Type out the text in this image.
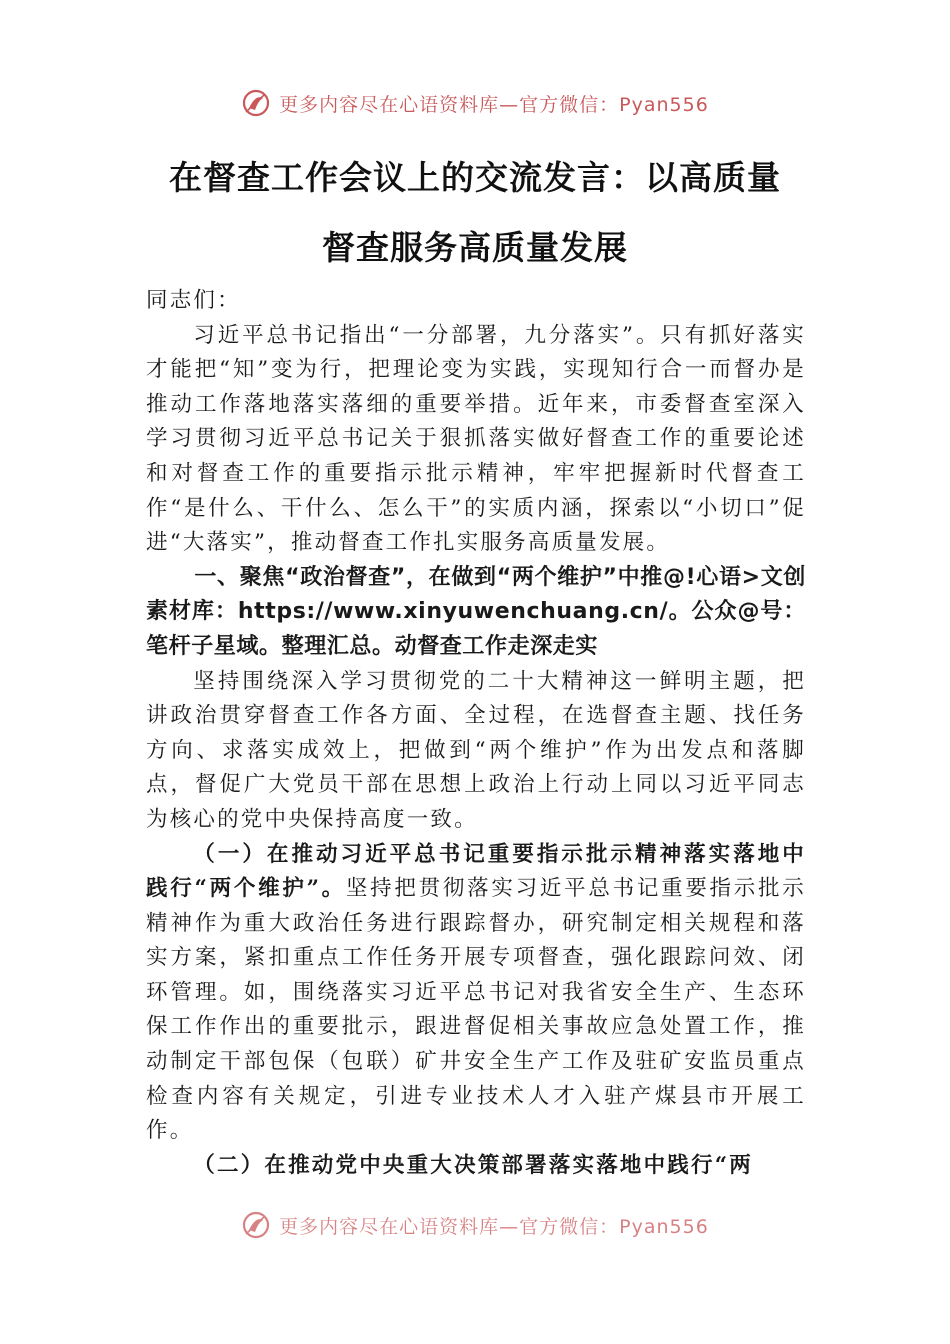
更多内容尽在心语资料库—官方微信：Pyan556
在督查工作会议上的交流发言：以高质量
督查服务高质量发展

同志们：

习近平总书记指出“一分部署，九分落实”。只有抓好落实才能把“知”变为行，把理论变为实践，实现知行合一而督办是推动工作落地落实落细的重要举措。近年来，市委督查室深入学习贯彻习近平总书记关于狠抓落实做好督查工作的重要论述和对督查工作的重要指示批示精神，牢牢把握新时代督查工作“是什么、干什么、怎么干”的实质内涵，探索以“小切口”促进“大落实”，推动督查工作扎实服务高质量发展。

一、聚焦“政治督查”，在做到“两个维护”中推@!心语>文创素材库：https://www.xinyuwenchuang.cn/。公众@号：笔杆子星域。整理汇总。动督查工作走深走实

坚持围绕深入学习贯彻党的二十大精神这一鲜明主题，把讲政治贯穿督查工作各方面、全过程，在选督查主题、找任务方向、求落实成效上，把做到“两个维护”作为出发点和落脚点，督促广大党员干部在思想上政治上行动上同以习近平同志为核心的党中央保持高度一致。

（一）在推动习近平总书记重要指示批示精神落实落地中践行“两个维护”。坚持把贯彻落实习近平总书记重要指示批示精神作为重大政治任务进行跟踪督办，研究制定相关规程和落实方案，紧扣重点工作任务开展专项督查，强化跟踪问效、闭环管理。如，围绕落实习近平总书记对我省安全生产、生态环保工作作出的重要批示，跟进督促相关事故应急处置工作，推动制定干部包保（包联）矿井安全生产工作及驻矿安监员重点检查内容有关规定，引进专业技术人才入驻产煤县市开展工作。

（二）在推动党中央重大决策部署落实落地中践行“两

更多内容尽在心语资料库—官方微信：Pyan556
